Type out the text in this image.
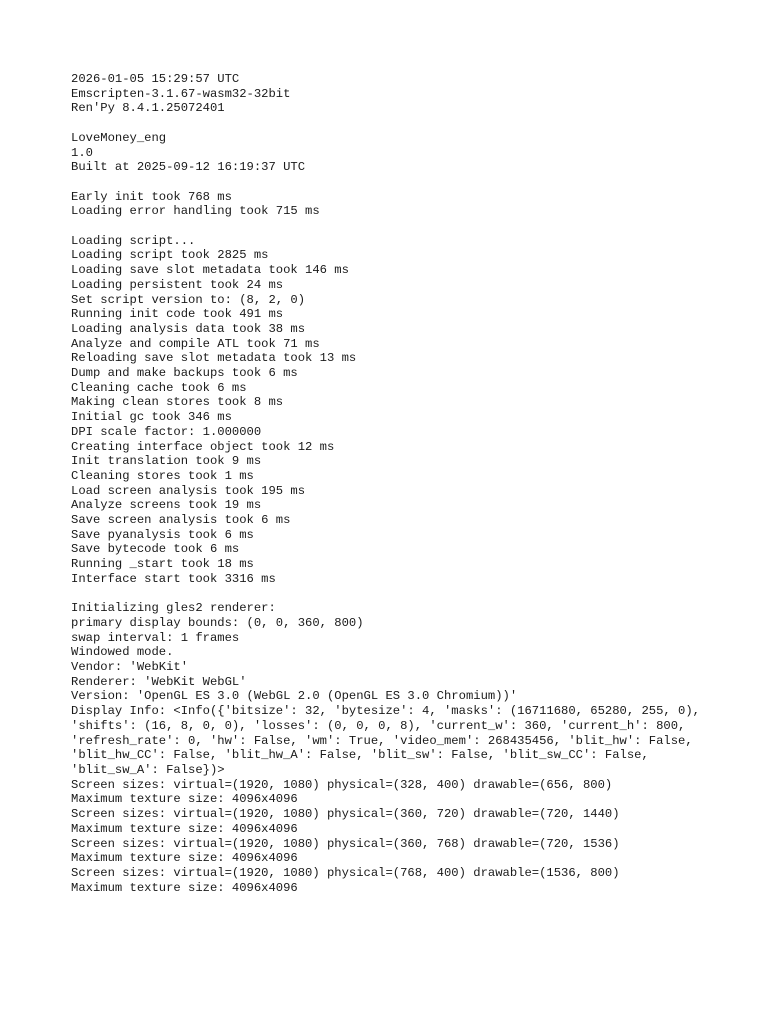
2026-01-05 15:29:57 UTC
Emscripten-3.1.67-wasm32-32bit
Ren'Py 8.4.1.25072401
LoveMoney_eng
1.0
Built at 2025-09-12 16:19:37 UTC
Early init took 768 ms
Loading error handling took 715 ms
Loading script...
Loading script took 2825 ms
Loading save slot metadata took 146 ms
Loading persistent took 24 ms
Set script version to: (8, 2, 0)
Running init code took 491 ms
Loading analysis data took 38 ms
Analyze and compile ATL took 71 ms
Reloading save slot metadata took 13 ms
Dump and make backups took 6 ms
Cleaning cache took 6 ms
Making clean stores took 8 ms
Initial gc took 346 ms
DPI scale factor: 1.000000
Creating interface object took 12 ms
Init translation took 9 ms
Cleaning stores took 1 ms
Load screen analysis took 195 ms
Analyze screens took 19 ms
Save screen analysis took 6 ms
Save pyanalysis took 6 ms
Save bytecode took 6 ms
Running _start took 18 ms
Interface start took 3316 ms
Initializing gles2 renderer:
primary display bounds: (0, 0, 360, 800)
swap interval: 1 frames
Windowed mode.
Vendor: 'WebKit'
Renderer: 'WebKit WebGL'
Version: 'OpenGL ES 3.0 (WebGL 2.0 (OpenGL ES 3.0 Chromium))'
Display Info: <Info({'bitsize': 32, 'bytesize': 4, 'masks': (16711680, 65280, 255, 0), 'shifts': (16, 8, 0, 0), 'losses': (0, 0, 0, 8), 'current_w': 360, 'current_h': 800, 'refresh_rate': 0, 'hw': False, 'wm': True, 'video_mem': 268435456, 'blit_hw': False, 'blit_hw_CC': False, 'blit_hw_A': False, 'blit_sw': False, 'blit_sw_CC': False, 'blit_sw_A': False})>
Screen sizes: virtual=(1920, 1080) physical=(328, 400) drawable=(656, 800)
Maximum texture size: 4096x4096
Screen sizes: virtual=(1920, 1080) physical=(360, 720) drawable=(720, 1440)
Maximum texture size: 4096x4096
Screen sizes: virtual=(1920, 1080) physical=(360, 768) drawable=(720, 1536)
Maximum texture size: 4096x4096
Screen sizes: virtual=(1920, 1080) physical=(768, 400) drawable=(1536, 800)
Maximum texture size: 4096x4096
